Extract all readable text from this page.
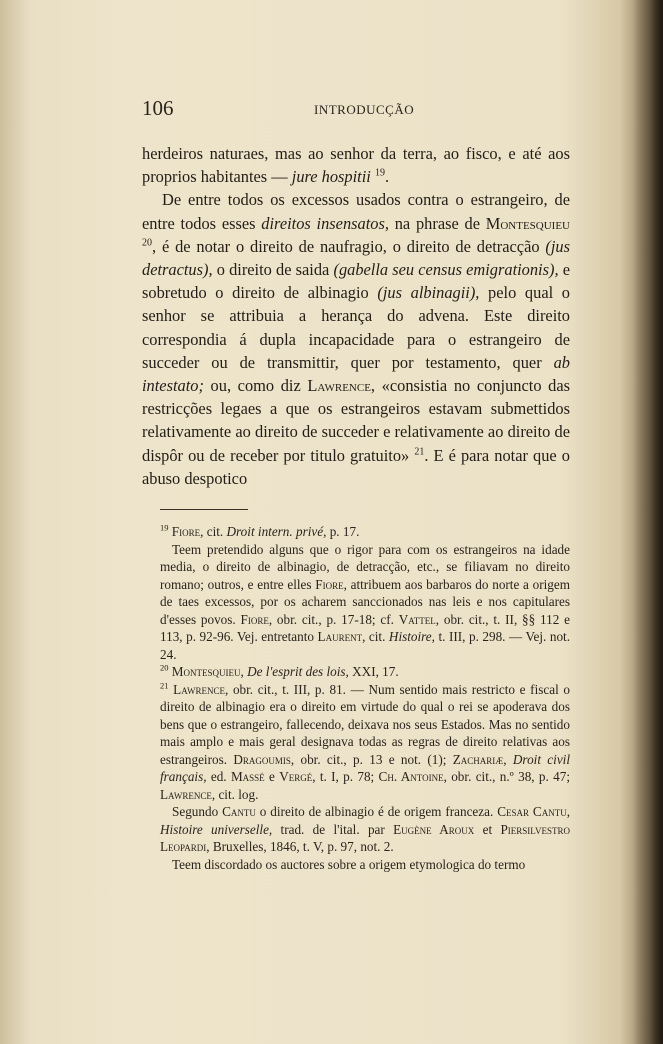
106	INTRODUCÇÃO

herdeiros naturaes, mas ao senhor da terra, ao fisco, e até aos proprios habitantes — jure hospitii $^{19}$.

De entre todos os excessos usados contra o estrangeiro, de entre todos esses direitos insensatos, na phrase de Montesquieu $^{20}$, é de notar o direito de naufragio, o direito de detracção (jus detractus), o direito de saida (gabella seu census emigrationis), e sobretudo o direito de albinagio (jus albinagii), pelo qual o senhor se attribuia a herança do advena. Este direito correspondia á dupla incapacidade para o estrangeiro de succeder ou de transmittir, quer por testamento, quer ab intestato; ou, como diz Lawrence, «consistia no conjuncto das restricções legaes a que os estrangeiros estavam submettidos relativamente ao direito de succeder e relativamente ao direito de dispôr ou de receber por titulo gratuito» $^{21}$. E é para notar que o abuso despotico

$^{19}$ Fiore, cit. Droit intern. privé, p. 17.

Teem pretendido alguns que o rigor para com os estrangeiros na idade media, o direito de albinagio, de detracção, etc., se filiavam no direito romano; outros, e entre elles Fiore, attribuem aos barbaros do norte a origem de taes excessos, por os acharem sanccionados nas leis e nos capitulares d'esses povos. Fiore, obr. cit., p. 17-18; cf. Vattel, obr. cit., t. II, §§ 112 e 113, p. 92-96. Vej. entretanto Laurent, cit. Histoire, t. III, p. 298. — Vej. not. 24.

$^{20}$ Montesquieu, De l'esprit des lois, XXI, 17.

$^{21}$ Lawrence, obr. cit., t. III, p. 81. — Num sentido mais restricto e fiscal o direito de albinagio era o direito em virtude do qual o rei se apoderava dos bens que o estrangeiro, fallecendo, deixava nos seus Estados. Mas no sentido mais amplo e mais geral designava todas as regras de direito relativas aos estrangeiros. Dragoumis, obr. cit., p. 13 e not. (1); Zachariæ, Droit civil français, ed. Massé e Vergé, t. I, p. 78; Ch. Antoine, obr. cit., n.º 38, p. 47; Lawrence, cit. log.

Segundo Cantu o direito de albinagio é de origem franceza. Cesar Cantu, Histoire universelle, trad. de l'ital. par Eugène Aroux et Piersilvestro Leopardi, Bruxelles, 1846, t. V, p. 97, not. 2.

Teem discordado os auctores sobre a origem etymologica do termo
